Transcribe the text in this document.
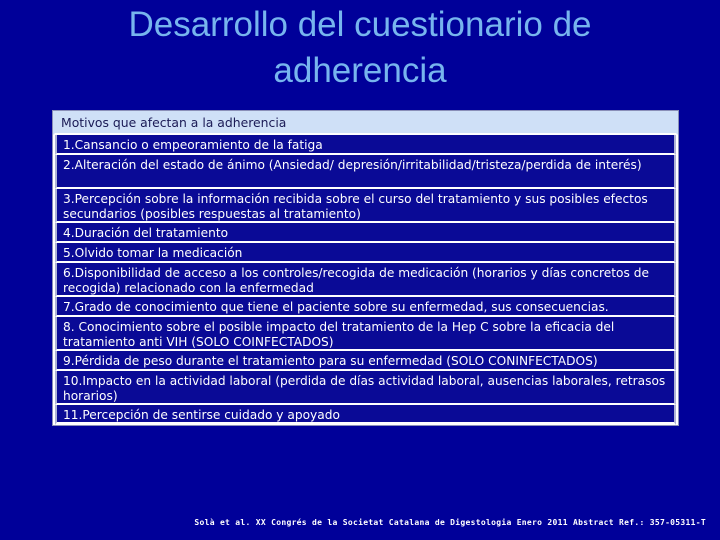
Desarrollo del cuestionario de
adherencia
Motivos que afectan a la adherencia
1.Cansancio o empeoramiento de la fatiga
2.Alteración del estado de ánimo (Ansiedad/ depresión/irritabilidad/tristeza/perdida de interés)
3.Percepción sobre la información recibida sobre el curso del tratamiento y sus posibles efectos secundarios (posibles respuestas al tratamiento)
4.Duración del tratamiento
5.Olvido tomar la medicación
6.Disponibilidad de acceso a los controles/recogida de medicación (horarios y días concretos de recogida) relacionado con la enfermedad
7.Grado de conocimiento que tiene el paciente sobre su enfermedad, sus consecuencias.
8. Conocimiento sobre el posible impacto del tratamiento de la Hep C sobre la eficacia del tratamiento anti VIH (SOLO COINFECTADOS)
9.Pérdida de peso durante el tratamiento para su enfermedad (SOLO CONINFECTADOS)
10.Impacto en la actividad laboral (perdida de días actividad laboral, ausencias laborales, retrasos horarios)
11.Percepción de sentirse cuidado y apoyado
Solà et al. XX Congrés de la Societat Catalana de Digestologia Enero 2011 Abstract Ref.: 357-05311-T
